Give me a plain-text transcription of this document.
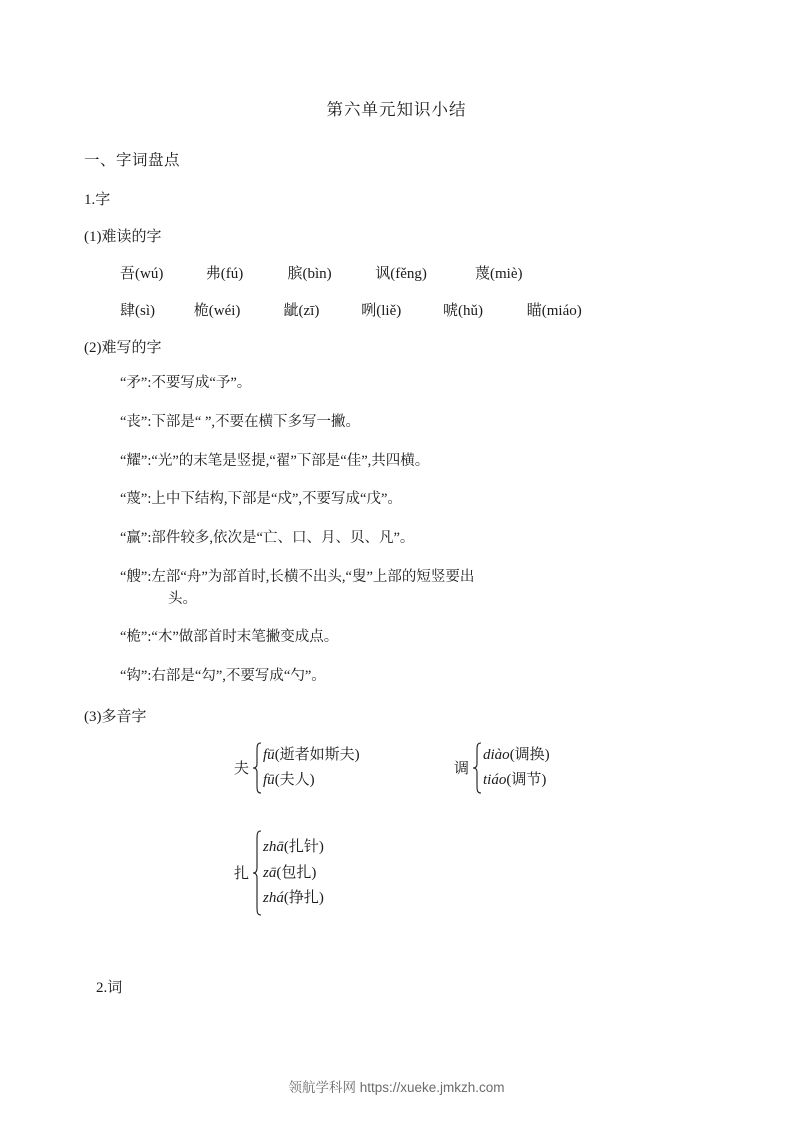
第六单元知识小结
一、字词盘点
1.字
(1)难读的字
吾(wú)	弗(fú)	膑(bìn)	讽(fěng)	蔑(miè)
肆(sì)	桅(wéi)	龇(zī)	咧(liě)	唬(hǔ)	瞄(miáo)
(2)难写的字
“矛”:不要写成“予”。
“丧”:下部是“ ”,不要在横下多写一撇。
“耀”:“光”的末笔是竖提,“翟”下部是“佳”,共四横。
“蔑”:上中下结构,下部是“戍”,不要写成“戊”。
“赢”:部件较多,依次是“亡、口、月、贝、凡”。
“艘”:左部“舟”为部首时,长横不出头,“叟”上部的短竖要出
头。
“桅”:“木”做部首时末笔撇变成点。
“钩”:右部是“勾”,不要写成“勺”。
(3)多音字
夫
fū(逝者如斯夫)
fū(夫人)
调
diào(调换)
tiáo(调节)
扎
zhā(扎针)
zā(包扎)
zhá(挣扎)
2.词
领航学科网 https://xueke.jmkzh.com
